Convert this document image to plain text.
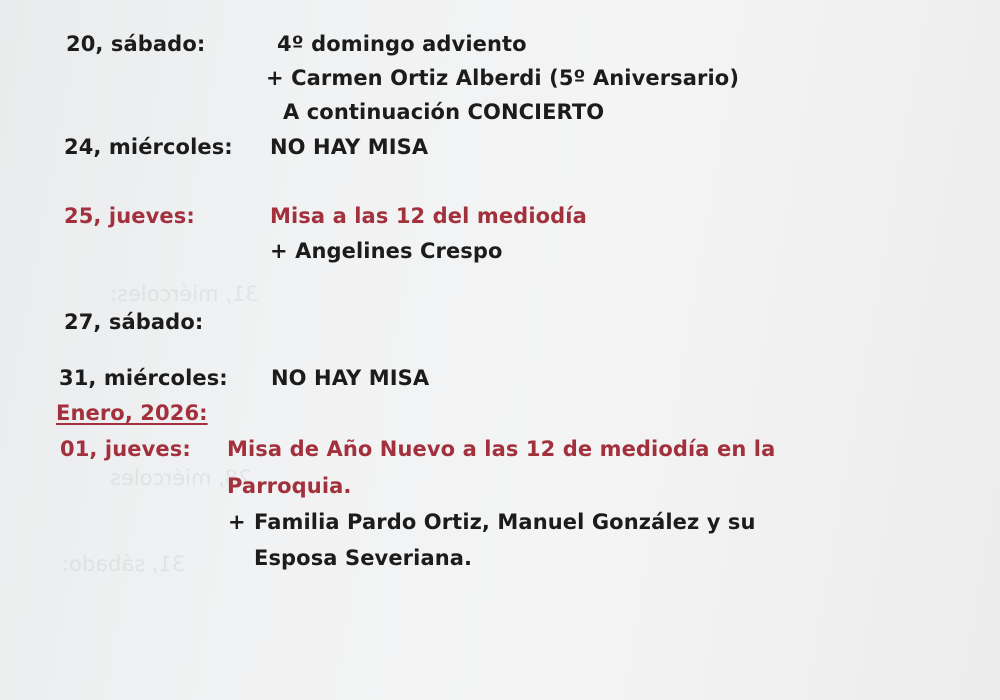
31, miércoles:
28, miércoles
31, sábado:
20, sábado:	4º domingo adviento
+ Carmen Ortiz Alberdi (5º Aniversario)
A continuación CONCIERTO
24, miércoles: NO HAY MISA
25, jueves:	Misa a las 12 del mediodía
+ Angelines Crespo
27, sábado:
31, miércoles: NO HAY MISA
Enero, 2026:
01, jueves: Misa de Año Nuevo a las 12 de mediodía en la
Parroquia.
+ Familia Pardo Ortiz, Manuel González y su
Esposa Severiana.
